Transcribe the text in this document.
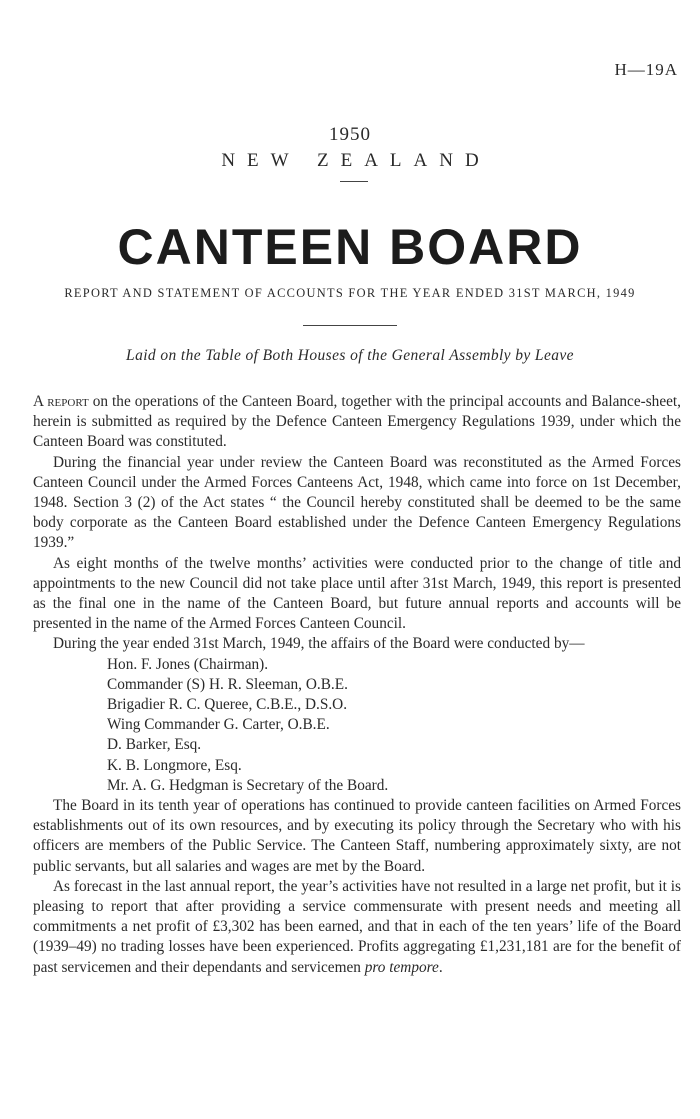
H—19A
1950
NEW ZEALAND
CANTEEN BOARD
REPORT AND STATEMENT OF ACCOUNTS FOR THE YEAR ENDED 31ST MARCH, 1949
Laid on the Table of Both Houses of the General Assembly by Leave

A report on the operations of the Canteen Board, together with the principal accounts and Balance-sheet, herein is submitted as required by the Defence Canteen Emergency Regulations 1939, under which the Canteen Board was constituted.

During the financial year under review the Canteen Board was reconstituted as the Armed Forces Canteen Council under the Armed Forces Canteens Act, 1948, which came into force on 1st December, 1948. Section 3 (2) of the Act states “ the Council hereby constituted shall be deemed to be the same body corporate as the Canteen Board established under the Defence Canteen Emergency Regulations 1939.”

As eight months of the twelve months’ activities were conducted prior to the change of title and appointments to the new Council did not take place until after 31st March, 1949, this report is presented as the final one in the name of the Canteen Board, but future annual reports and accounts will be presented in the name of the Armed Forces Canteen Council.

During the year ended 31st March, 1949, the affairs of the Board were conducted by—

Hon. F. Jones (Chairman).
Commander (S) H. R. Sleeman, O.B.E.
Brigadier R. C. Queree, C.B.E., D.S.O.
Wing Commander G. Carter, O.B.E.
D. Barker, Esq.
K. B. Longmore, Esq.
Mr. A. G. Hedgman is Secretary of the Board.

The Board in its tenth year of operations has continued to provide canteen facilities on Armed Forces establishments out of its own resources, and by executing its policy through the Secretary who with his officers are members of the Public Service. The Canteen Staff, numbering approximately sixty, are not public servants, but all salaries and wages are met by the Board.

As forecast in the last annual report, the year’s activities have not resulted in a large net profit, but it is pleasing to report that after providing a service commensurate with present needs and meeting all commitments a net profit of £3,302 has been earned, and that in each of the ten years’ life of the Board (1939–49) no trading losses have been experienced. Profits aggregating £1,231,181 are for the benefit of past servicemen and their dependants and servicemen pro tempore.
